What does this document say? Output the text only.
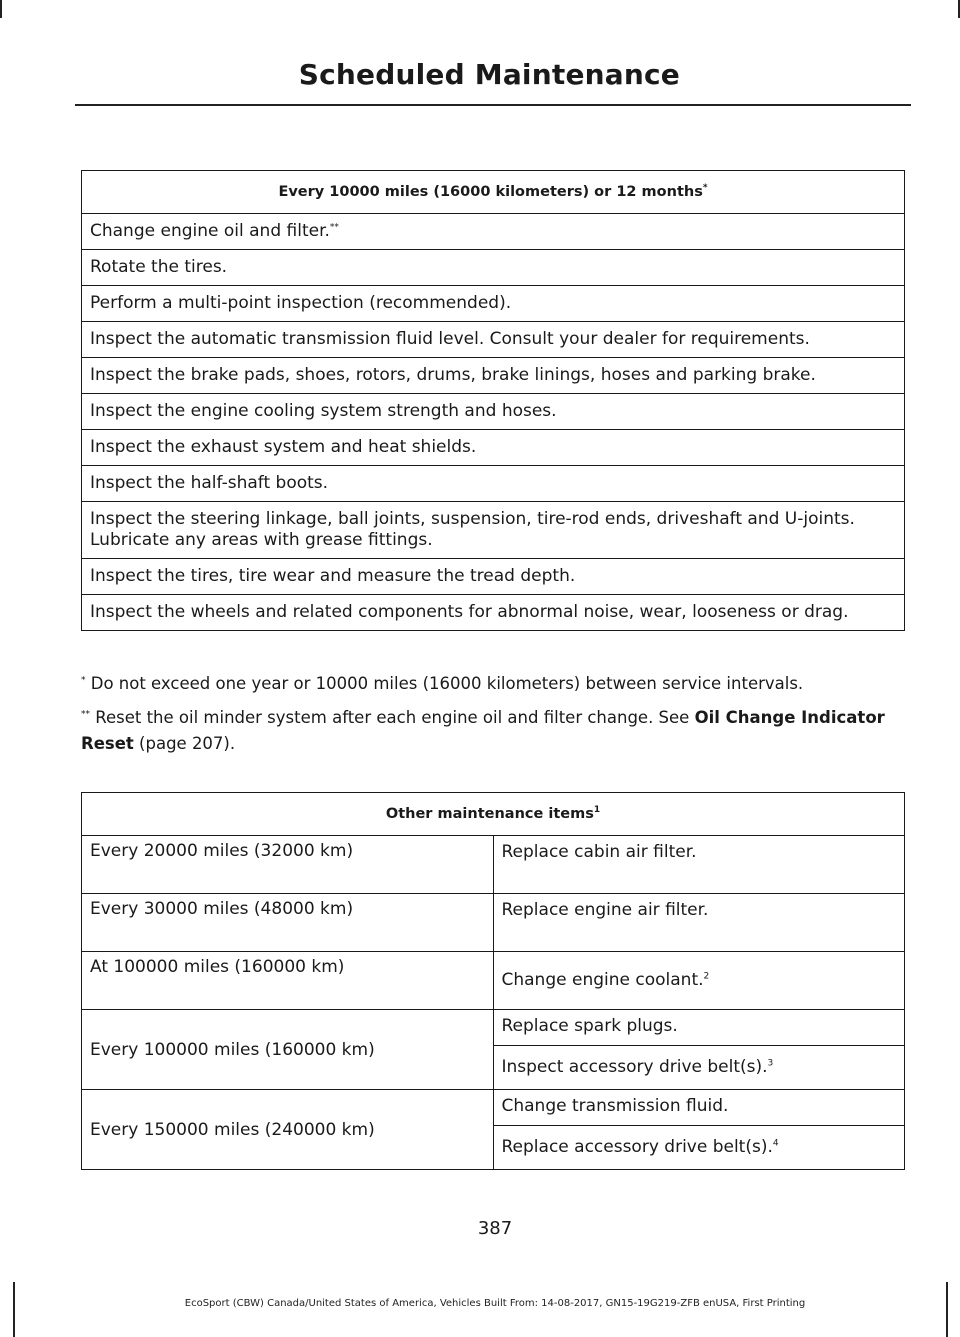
Scheduled Maintenance
Every 10000 miles (16000 kilometers) or 12 months*
Change engine oil and filter.**
Rotate the tires.
Perform a multi-point inspection (recommended).
Inspect the automatic transmission fluid level. Consult your dealer for requirements.
Inspect the brake pads, shoes, rotors, drums, brake linings, hoses and parking brake.
Inspect the engine cooling system strength and hoses.
Inspect the exhaust system and heat shields.
Inspect the half-shaft boots.
Inspect the steering linkage, ball joints, suspension, tire-rod ends, driveshaft and U-joints. Lubricate any areas with grease fittings.
Inspect the tires, tire wear and measure the tread depth.
Inspect the wheels and related components for abnormal noise, wear, looseness or drag.
* Do not exceed one year or 10000 miles (16000 kilometers) between service intervals.
** Reset the oil minder system after each engine oil and filter change. See Oil Change Indicator Reset (page 207).
Other maintenance items$^1$
Every 20000 miles (32000 km)	Replace cabin air filter.
Every 30000 miles (48000 km)	Replace engine air filter.
At 100000 miles (160000 km)	Change engine coolant.$^2$
Every 100000 miles (160000 km)	Replace spark plugs.
	Inspect accessory drive belt(s).$^3$
Every 150000 miles (240000 km)	Change transmission fluid.
	Replace accessory drive belt(s).$^4$
387
EcoSport (CBW) Canada/United States of America, Vehicles Built From: 14-08-2017, GN15-19G219-ZFB enUSA, First Printing
